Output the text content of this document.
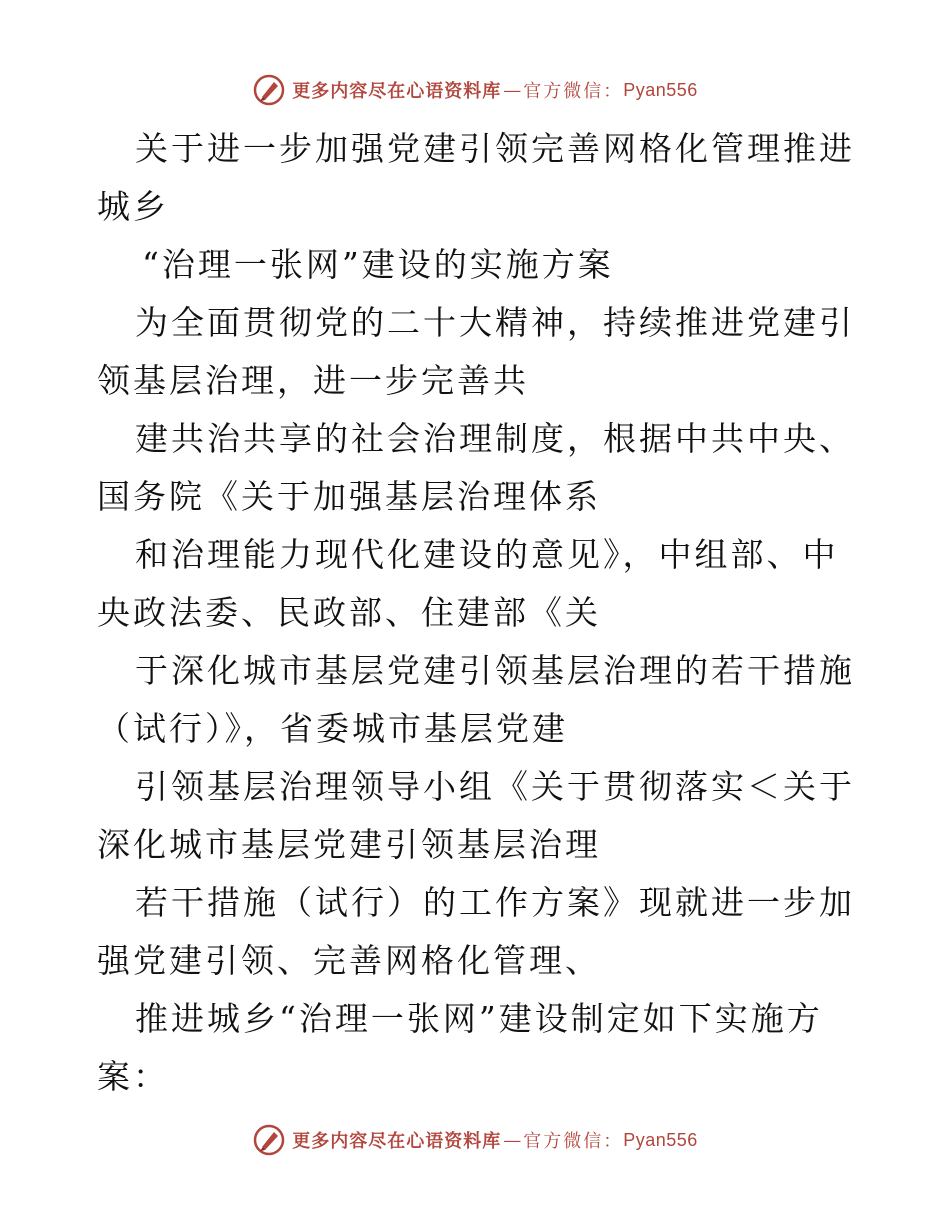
更多内容尽在心语资料库 — 官方微信： Pyan556

关于进一步加强党建引领完善网格化管理推进城乡

“治理一张网”建设的实施方案

为全面贯彻党的二十大精神，持续推进党建引领基层治理，进一步完善共

建共治共享的社会治理制度，根据中共中央、国务院《关于加强基层治理体系

和治理能力现代化建设的意见》，中组部、中央政法委、民政部、住建部《关

于深化城市基层党建引领基层治理的若干措施（试行）》，省委城市基层党建

引领基层治理领导小组《关于贯彻落实＜关于深化城市基层党建引领基层治理

若干措施（试行）的工作方案》现就进一步加强党建引领、完善网格化管理、

推进城乡“治理一张网”建设制定如下实施方案：

更多内容尽在心语资料库 — 官方微信： Pyan556
